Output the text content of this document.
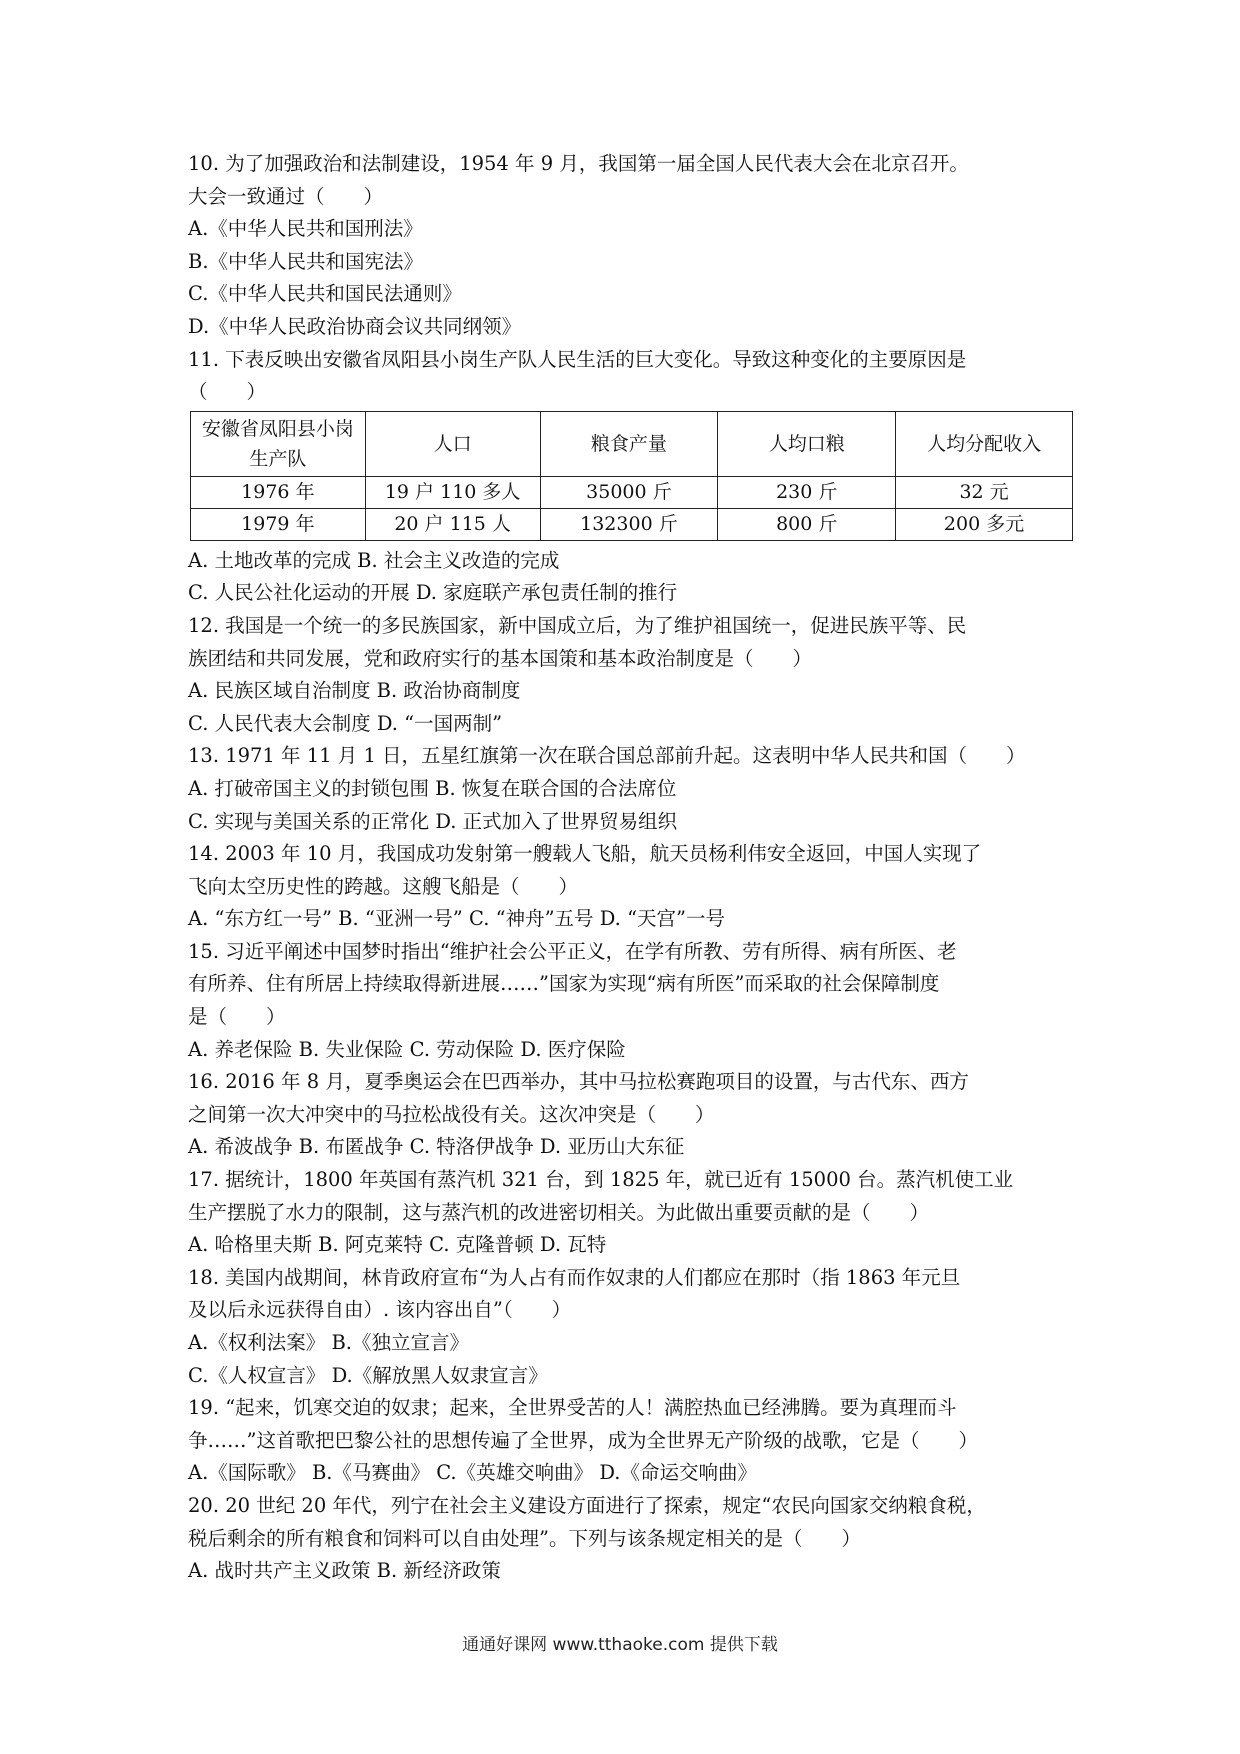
10. 为了加强政治和法制建设，1954 年 9 月，我国第一届全国人民代表大会在北京召开。
大会一致通过（　　）
A.《中华人民共和国刑法》
B.《中华人民共和国宪法》
C.《中华人民共和国民法通则》
D.《中华人民政治协商会议共同纲领》
11. 下表反映出安徽省凤阳县小岗生产队人民生活的巨大变化。导致这种变化的主要原因是
（　　）
安徽省凤阳县小岗生产队	人口	粮食产量	人均口粮	人均分配收入
1976 年	19 户 110 多人	35000 斤	230 斤	32 元
1979 年	20 户 115 人	132300 斤	800 斤	200 多元
A. 土地改革的完成 B. 社会主义改造的完成
C. 人民公社化运动的开展 D. 家庭联产承包责任制的推行
12. 我国是一个统一的多民族国家，新中国成立后，为了维护祖国统一，促进民族平等、民
族团结和共同发展，党和政府实行的基本国策和基本政治制度是（　　）
A. 民族区域自治制度 B. 政治协商制度
C. 人民代表大会制度 D. “一国两制”
13. 1971 年 11 月 1 日，五星红旗第一次在联合国总部前升起。这表明中华人民共和国（　　）
A. 打破帝国主义的封锁包围 B. 恢复在联合国的合法席位
C. 实现与美国关系的正常化 D. 正式加入了世界贸易组织
14. 2003 年 10 月，我国成功发射第一艘载人飞船，航天员杨利伟安全返回，中国人实现了
飞向太空历史性的跨越。这艘飞船是（　　）
A. “东方红一号” B. “亚洲一号” C. “神舟”五号 D. “天宫”一号
15. 习近平阐述中国梦时指出“维护社会公平正义，在学有所教、劳有所得、病有所医、老
有所养、住有所居上持续取得新进展……”国家为实现“病有所医”而采取的社会保障制度
是（　　）
A. 养老保险 B. 失业保险 C. 劳动保险 D. 医疗保险
16. 2016 年 8 月，夏季奥运会在巴西举办，其中马拉松赛跑项目的设置，与古代东、西方
之间第一次大冲突中的马拉松战役有关。这次冲突是（　　）
A. 希波战争 B. 布匿战争 C. 特洛伊战争 D. 亚历山大东征
17. 据统计，1800 年英国有蒸汽机 321 台，到 1825 年，就已近有 15000 台。蒸汽机使工业
生产摆脱了水力的限制，这与蒸汽机的改进密切相关。为此做出重要贡献的是（　　）
A. 哈格里夫斯 B. 阿克莱特 C. 克隆普顿 D. 瓦特
18. 美国内战期间，林肯政府宣布“为人占有而作奴隶的人们都应在那时（指 1863 年元旦
及以后永远获得自由）. 该内容出自”（　　）
A.《权利法案》 B.《独立宣言》
C.《人权宣言》 D.《解放黑人奴隶宣言》
19. “起来，饥寒交迫的奴隶；起来，全世界受苦的人！满腔热血已经沸腾。要为真理而斗
争……”这首歌把巴黎公社的思想传遍了全世界，成为全世界无产阶级的战歌，它是（　　）
A.《国际歌》 B.《马赛曲》 C.《英雄交响曲》 D.《命运交响曲》
20. 20 世纪 20 年代，列宁在社会主义建设方面进行了探索，规定“农民向国家交纳粮食税，
税后剩余的所有粮食和饲料可以自由处理”。下列与该条规定相关的是（　　）
A. 战时共产主义政策 B. 新经济政策
通通好课网 www.tthaoke.com 提供下载
